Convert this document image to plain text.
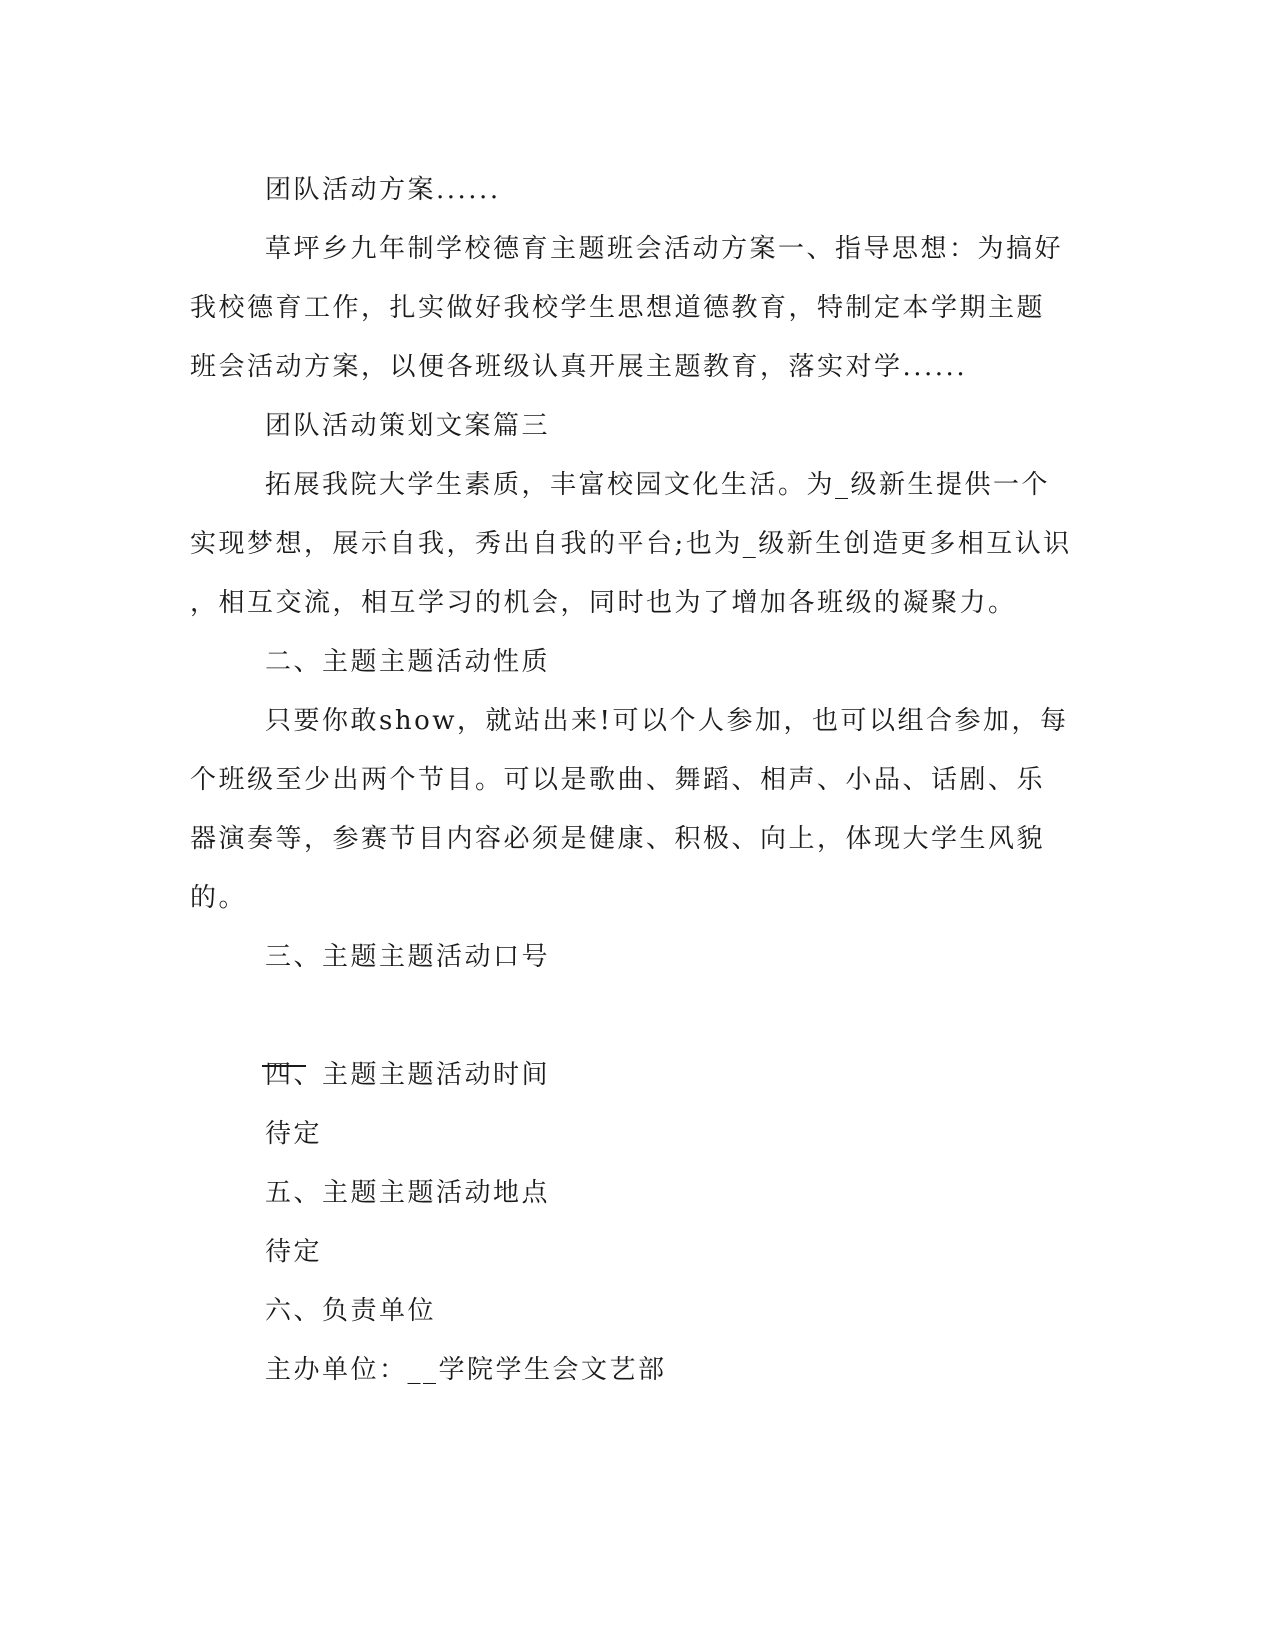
团队活动方案......
草坪乡九年制学校德育主题班会活动方案一、指导思想：为搞好
我校德育工作，扎实做好我校学生思想道德教育，特制定本学期主题
班会活动方案，以便各班级认真开展主题教育，落实对学......
团队活动策划文案篇三
拓展我院大学生素质，丰富校园文化生活。为_级新生提供一个
实现梦想，展示自我，秀出自我的平台;也为_级新生创造更多相互认识
，相互交流，相互学习的机会，同时也为了增加各班级的凝聚力。
二、主题主题活动性质
只要你敢show，就站出来!可以个人参加，也可以组合参加，每
个班级至少出两个节目。可以是歌曲、舞蹈、相声、小品、话剧、乐
器演奏等，参赛节目内容必须是健康、积极、向上，体现大学生风貌
的。
三、主题主题活动口号
四、主题主题活动时间
待定
五、主题主题活动地点
待定
六、负责单位
主办单位：__学院学生会文艺部
